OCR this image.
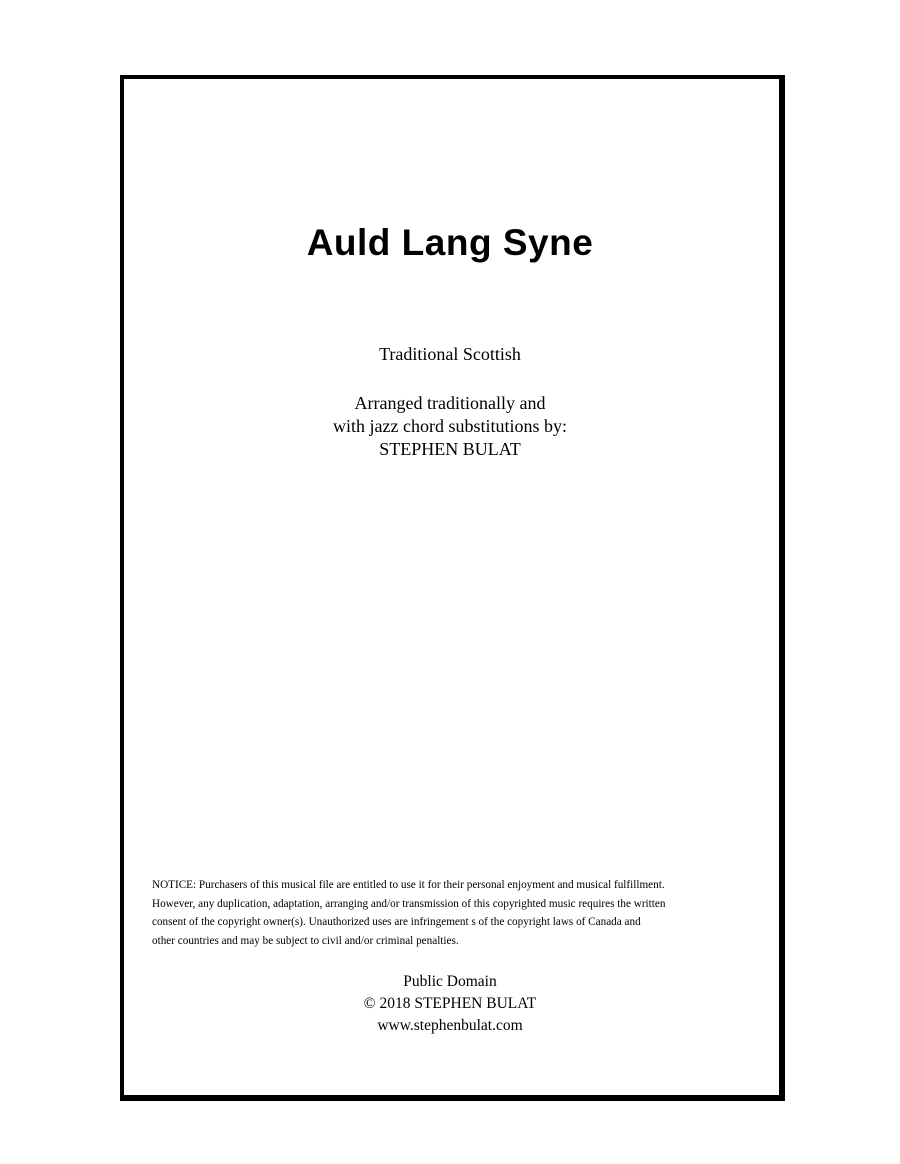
Auld Lang Syne
Traditional Scottish
Arranged traditionally and
with jazz chord substitutions by:
STEPHEN BULAT
NOTICE: Purchasers of this musical file are entitled to use it for their personal enjoyment and musical fulfillment.
However, any duplication, adaptation, arranging and/or transmission of this copyrighted music requires the written
consent of the copyright owner(s). Unauthorized uses are infringement s of the copyright laws of Canada and
other countries and may be subject to civil and/or criminal penalties.
Public Domain
© 2018 STEPHEN BULAT
www.stephenbulat.com
